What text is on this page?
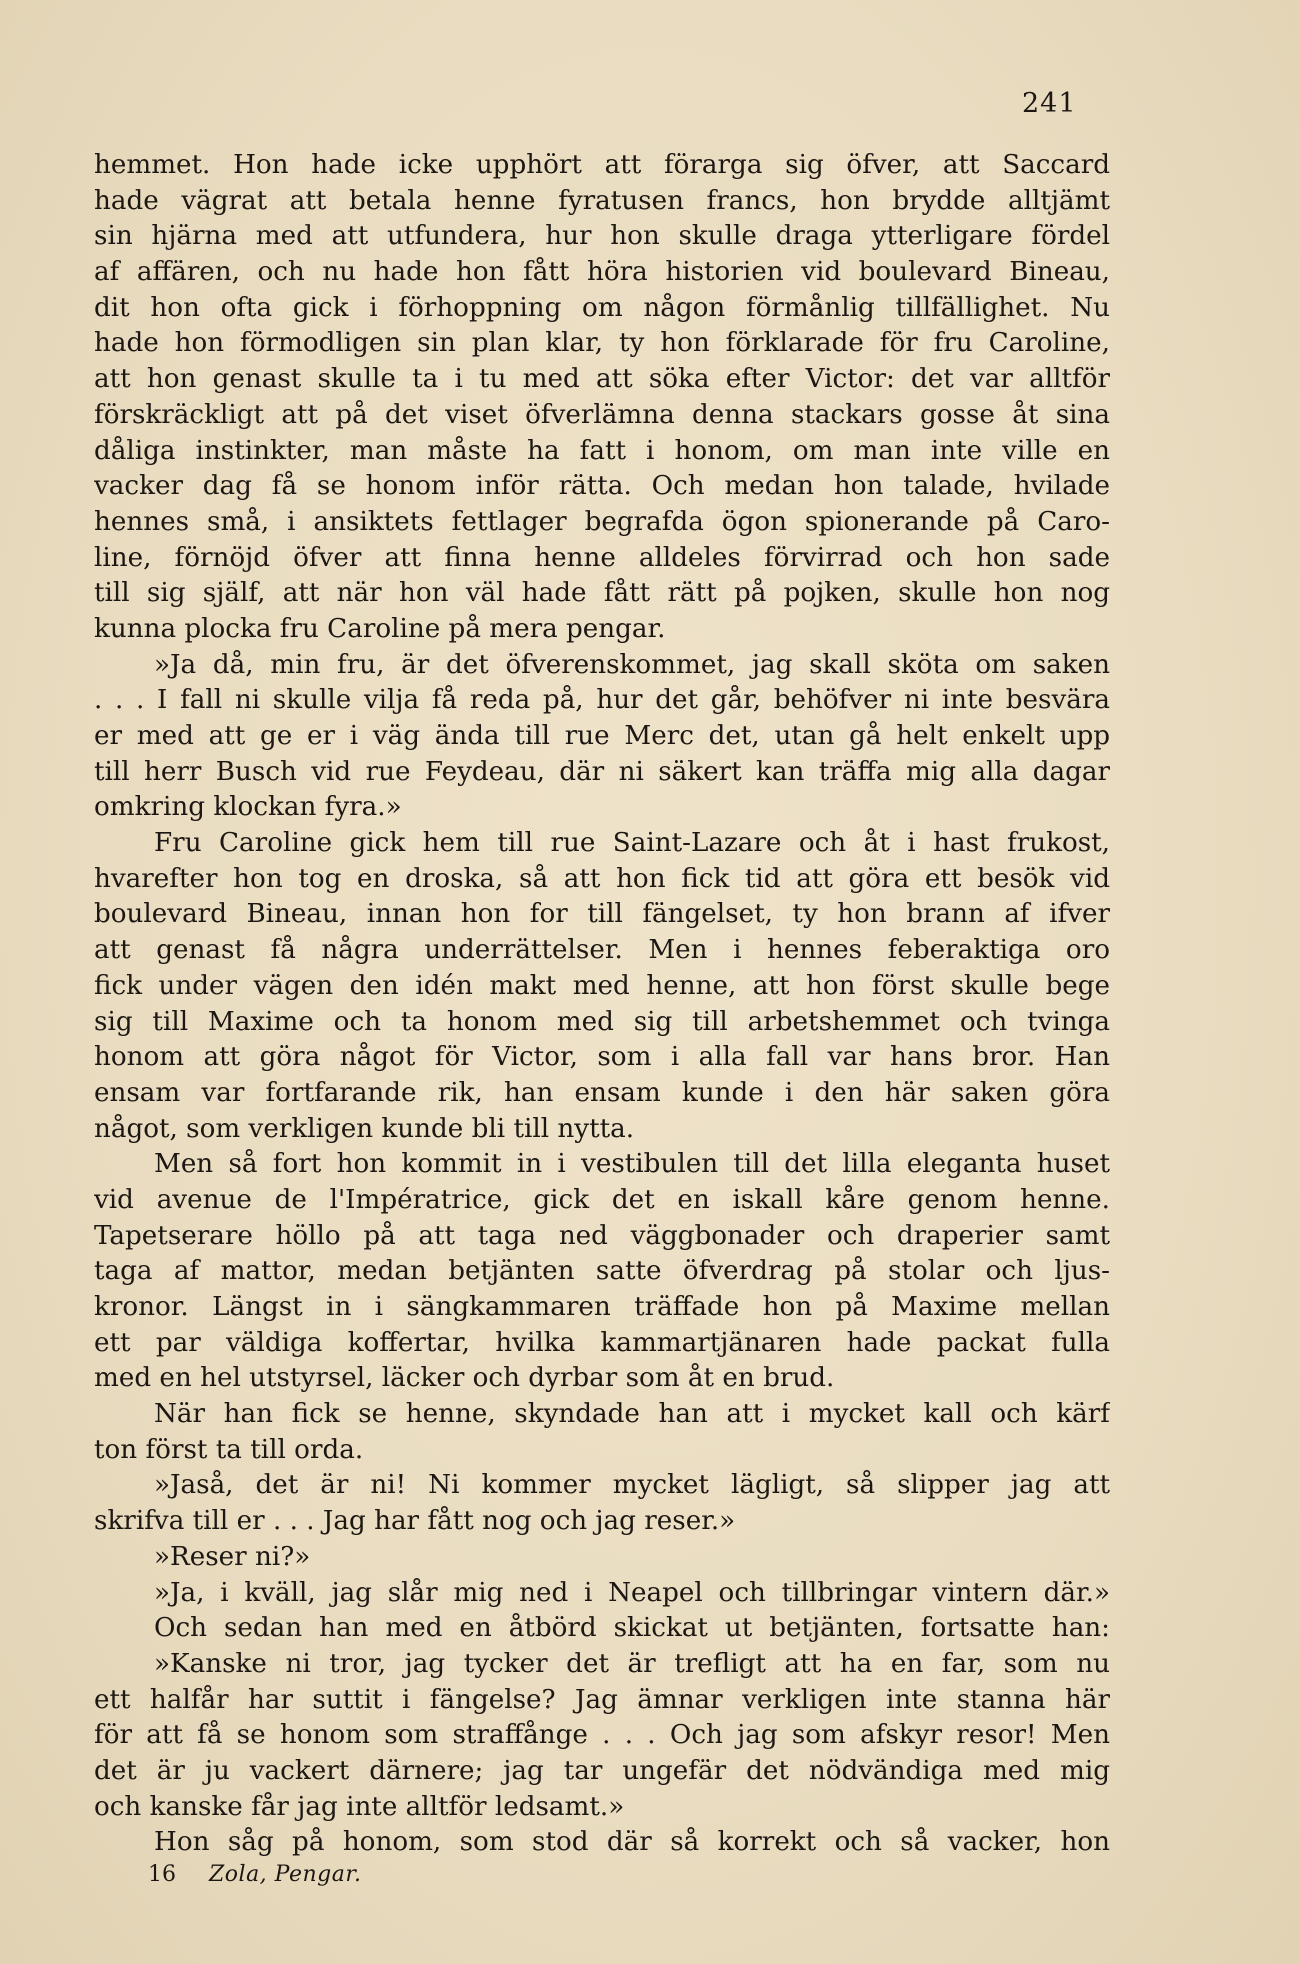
241
hemmet. Hon hade icke upphört att förarga sig öfver, att Saccard
hade vägrat att betala henne fyratusen francs, hon brydde alltjämt
sin hjärna med att utfundera, hur hon skulle draga ytterligare fördel
af affären, och nu hade hon fått höra historien vid boulevard Bineau,
dit hon ofta gick i förhoppning om någon förmånlig tillfällighet. Nu
hade hon förmodligen sin plan klar, ty hon förklarade för fru Caroline,
att hon genast skulle ta i tu med att söka efter Victor: det var alltför
förskräckligt att på det viset öfverlämna denna stackars gosse åt sina
dåliga instinkter, man måste ha fatt i honom, om man inte ville en
vacker dag få se honom inför rätta. Och medan hon talade, hvilade
hennes små, i ansiktets fettlager begrafda ögon spionerande på Caro-
line, förnöjd öfver att finna henne alldeles förvirrad och hon sade
till sig själf, att när hon väl hade fått rätt på pojken, skulle hon nog
kunna plocka fru Caroline på mera pengar.
»Ja då, min fru, är det öfverenskommet, jag skall sköta om saken
. . . I fall ni skulle vilja få reda på, hur det går, behöfver ni inte besvära
er med att ge er i väg ända till rue Merc det, utan gå helt enkelt upp
till herr Busch vid rue Feydeau, där ni säkert kan träffa mig alla dagar
omkring klockan fyra.»
Fru Caroline gick hem till rue Saint-Lazare och åt i hast frukost,
hvarefter hon tog en droska, så att hon fick tid att göra ett besök vid
boulevard Bineau, innan hon for till fängelset, ty hon brann af ifver
att genast få några underrättelser. Men i hennes feberaktiga oro
fick under vägen den idén makt med henne, att hon först skulle bege
sig till Maxime och ta honom med sig till arbetshemmet och tvinga
honom att göra något för Victor, som i alla fall var hans bror. Han
ensam var fortfarande rik, han ensam kunde i den här saken göra
något, som verkligen kunde bli till nytta.
Men så fort hon kommit in i vestibulen till det lilla eleganta huset
vid avenue de l'Impératrice, gick det en iskall kåre genom henne.
Tapetserare höllo på att taga ned väggbonader och draperier samt
taga af mattor, medan betjänten satte öfverdrag på stolar och ljus-
kronor. Längst in i sängkammaren träffade hon på Maxime mellan
ett par väldiga koffertar, hvilka kammartjänaren hade packat fulla
med en hel utstyrsel, läcker och dyrbar som åt en brud.
När han fick se henne, skyndade han att i mycket kall och kärf
ton först ta till orda.
»Jaså, det är ni! Ni kommer mycket lägligt, så slipper jag att
skrifva till er . . . Jag har fått nog och jag reser.»
»Reser ni?»
»Ja, i kväll, jag slår mig ned i Neapel och tillbringar vintern där.»
Och sedan han med en åtbörd skickat ut betjänten, fortsatte han:
»Kanske ni tror, jag tycker det är trefligt att ha en far, som nu
ett halfår har suttit i fängelse? Jag ämnar verkligen inte stanna här
för att få se honom som straffånge . . . Och jag som afskyr resor! Men
det är ju vackert därnere; jag tar ungefär det nödvändiga med mig
och kanske får jag inte alltför ledsamt.»
Hon såg på honom, som stod där så korrekt och så vacker, hon
16 Zola, Pengar.
